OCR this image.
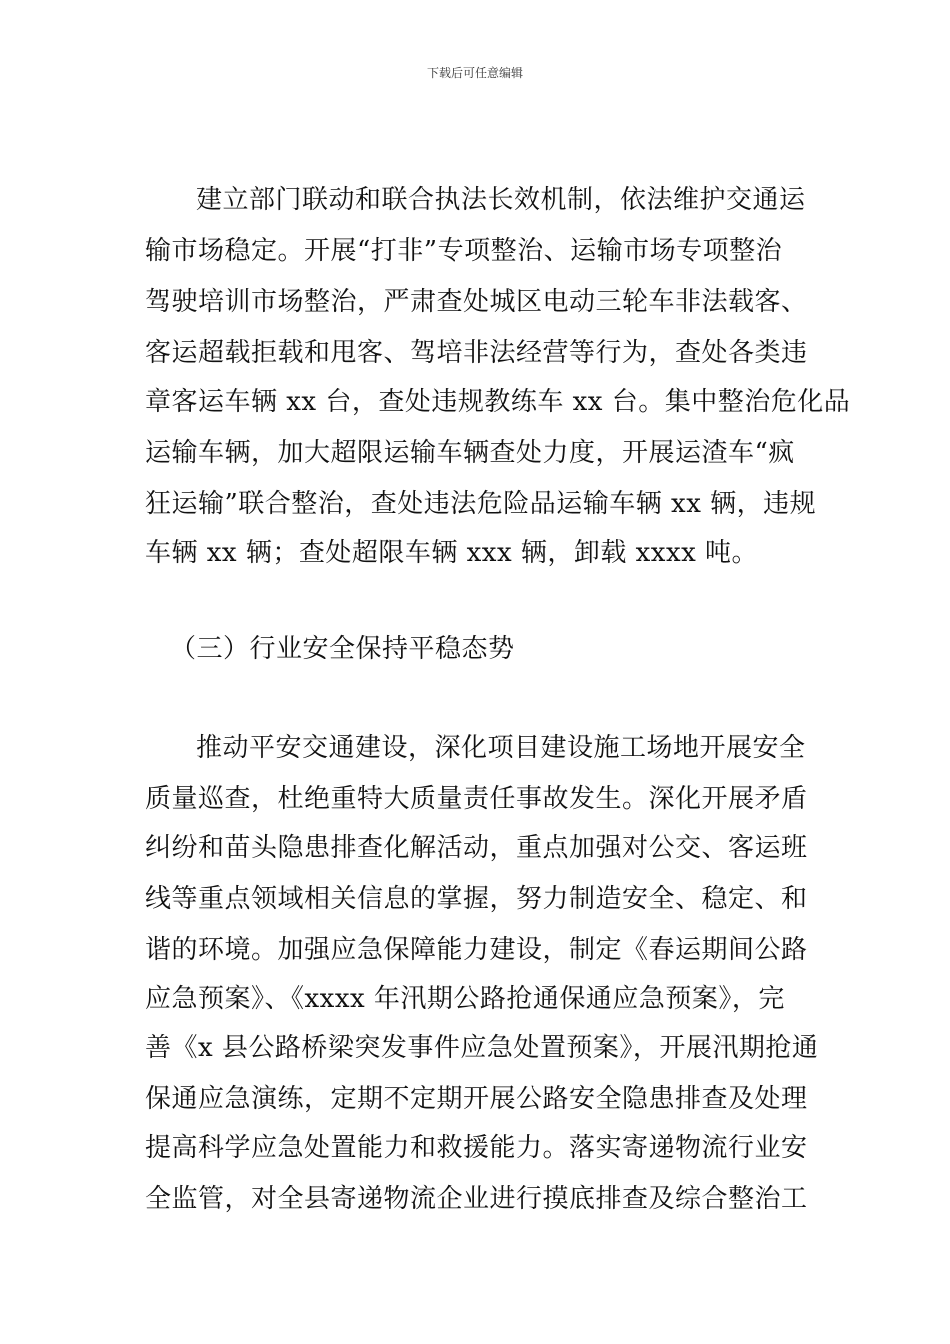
下载后可任意编辑
建立部门联动和联合执法长效机制，依法维护交通运
输市场稳定。开展“打非”专项整治、运输市场专项整治
驾驶培训市场整治，严肃查处城区电动三轮车非法载客、
客运超载拒载和甩客、驾培非法经营等行为，查处各类违
章客运车辆 xx 台，查处违规教练车 xx 台。集中整治危化品
运输车辆，加大超限运输车辆查处力度，开展运渣车“疯
狂运输”联合整治，查处违法危险品运输车辆 xx 辆，违规
车辆 xx 辆；查处超限车辆 xxx 辆，卸载 xxxx 吨。
（三）行业安全保持平稳态势
推动平安交通建设，深化项目建设施工场地开展安全
质量巡查，杜绝重特大质量责任事故发生。深化开展矛盾
纠纷和苗头隐患排查化解活动，重点加强对公交、客运班
线等重点领域相关信息的掌握，努力制造安全、稳定、和
谐的环境。加强应急保障能力建设，制定《春运期间公路
应急预案》、《xxxx 年汛期公路抢通保通应急预案》，完
善《x 县公路桥梁突发事件应急处置预案》，开展汛期抢通
保通应急演练，定期不定期开展公路安全隐患排查及处理
提高科学应急处置能力和救援能力。落实寄递物流行业安
全监管，对全县寄递物流企业进行摸底排查及综合整治工
